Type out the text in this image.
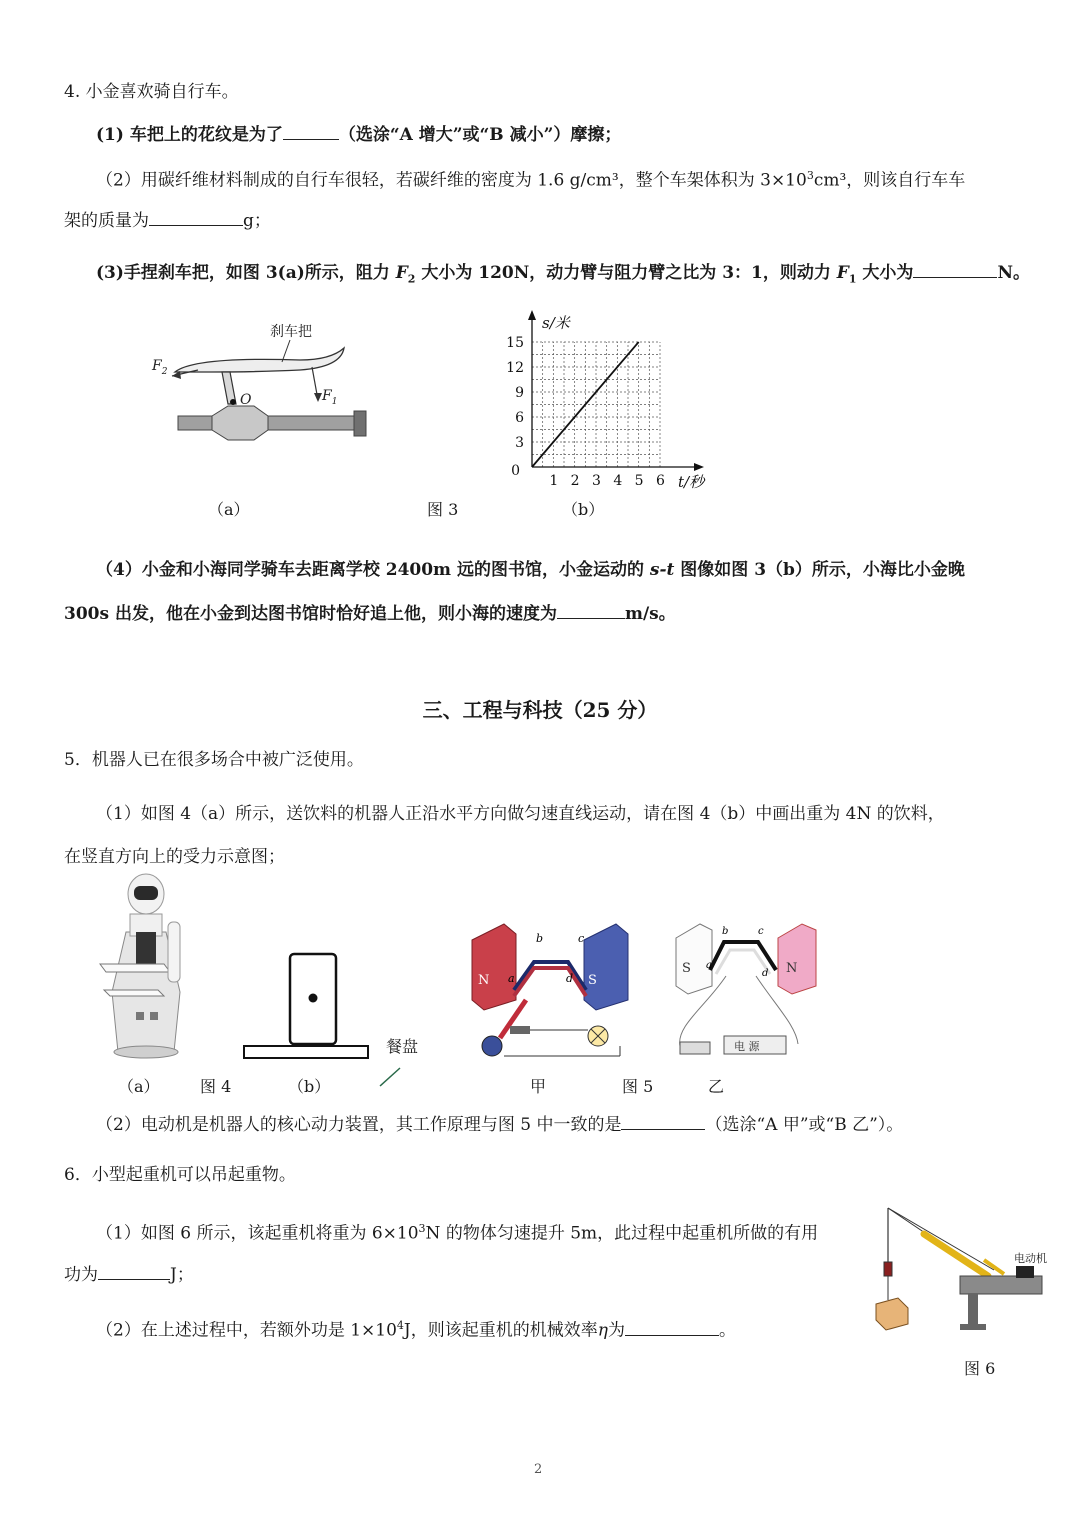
4. 小金喜欢骑自行车。
(1) 车把上的花纹是为了	（选涂“A 增大”或“B 减小”）摩擦；
（2）用碳纤维材料制成的自行车很轻，若碳纤维的密度为 1.6 g/cm³，整个车架体积为 $3\times 10^3cm^3$，则该自行车车
架的质量为	g；
(3)手捏刹车把，如图 3(a)所示，阻力 $F_2$ 大小为 120N，动力臂与阻力臂之比为 3：1，则动力 $F_1$ 大小为	N。
刹车把
$F_2$
$F_1$
O
1 2 3 4 5 6
3
6
9
12
15
0
s/米
t/秒
（a）	图 3	（b）
（4）小金和小海同学骑车去距离学校 2400m 远的图书馆，小金运动的 s-t 图像如图 3（b）所示，小海比小金晚
300s 出发，他在小金到达图书馆时恰好追上他，则小海的速度为	m/s。
三、工程与科技（25 分）
5．机器人已在很多场合中被广泛使用。
（1）如图 4（a）所示，送饮料的机器人正沿水平方向做匀速直线运动，请在图 4（b）中画出重为 4N 的饮料，
在竖直方向上的受力示意图；
餐盘
N	S
a
b	c
d
电 源
S	N
a
b	c
d
（a）	图 4	（b）	甲	图 5	乙
（2）电动机是机器人的核心动力装置，其工作原理与图 5 中一致的是	（选涂“A 甲”或“B 乙”）。
6．小型起重机可以吊起重物。
（1）如图 6 所示，该起重机将重为 $6\times 10^3N$ 的物体匀速提升 5m，此过程中起重机所做的有用
功为	J；
（2）在上述过程中，若额外功是 $1\times 10^4J$，则该起重机的机械效率η为	。
电动机
图 6
2
